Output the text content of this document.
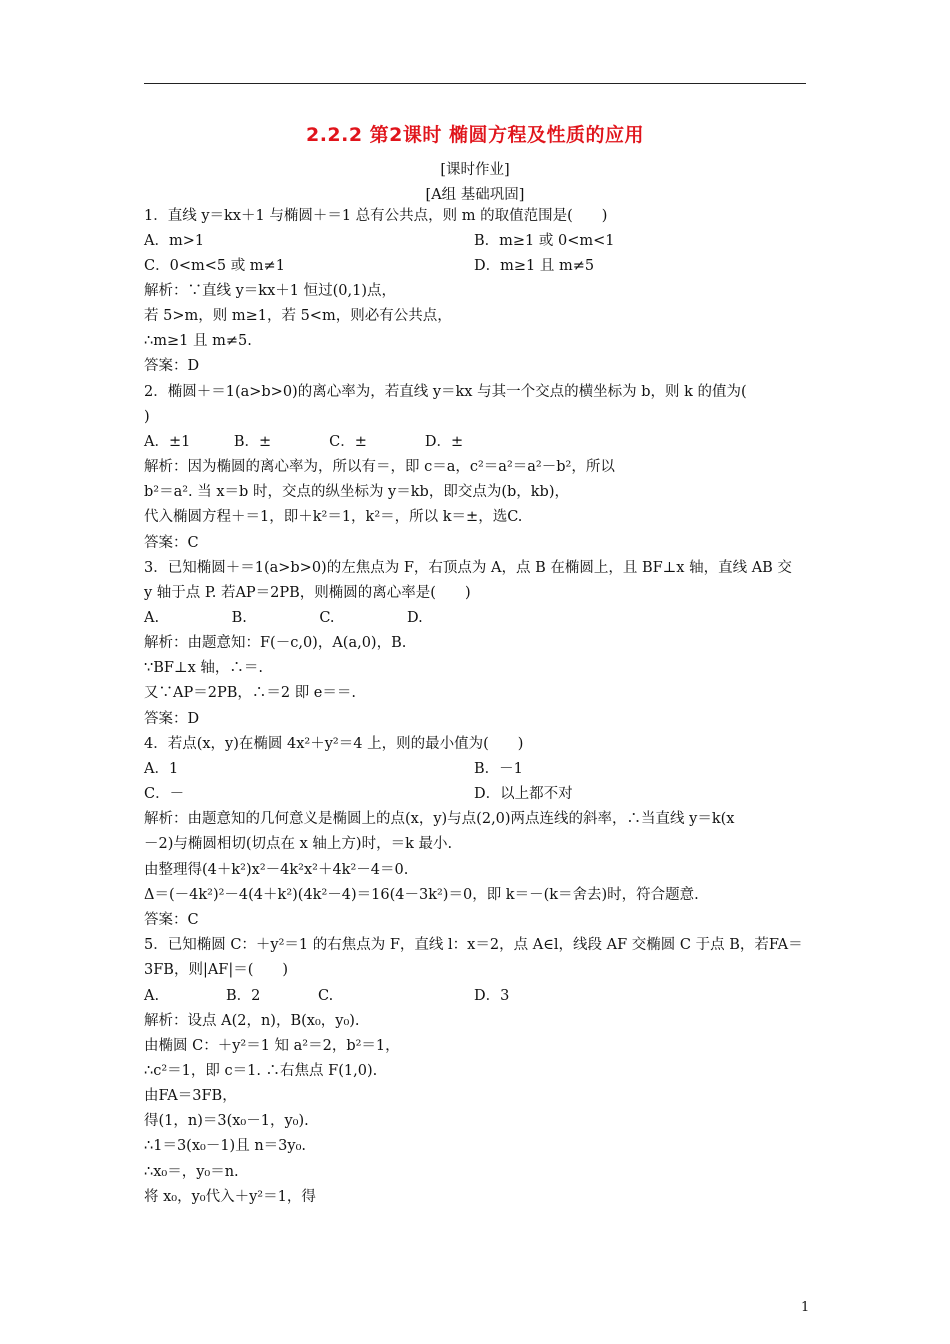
2.2.2 第2课时 椭圆方程及性质的应用
[课时作业]
[A组 基础巩固]
1．直线 y＝kx＋1 与椭圆＋＝1 总有公共点，则 m 的取值范围是(　　)
A．m>1	B．m≥1 或 0<m<1
C．0<m<5 或 m≠1	D．m≥1 且 m≠5
解析：∵直线 y＝kx＋1 恒过(0,1)点，
若 5>m，则 m≥1，若 5<m，则必有公共点，
∴m≥1 且 m≠5.
答案：D
2．椭圆＋＝1(a>b>0)的离心率为，若直线 y＝kx 与其一个交点的横坐标为 b，则 k 的值为(
)
A．±1　　　B．±　　　　C．±　　　　D．±
解析：因为椭圆的离心率为，所以有＝，即 c＝a，c²＝a²＝a²－b²，所以
b²＝a². 当 x＝b 时，交点的纵坐标为 y＝kb，即交点为(b，kb)，
代入椭圆方程＋＝1，即＋k²＝1，k²＝，所以 k＝±，选C.
答案：C
3．已知椭圆＋＝1(a>b>0)的左焦点为 F，右顶点为 A，点 B 在椭圆上，且 BF⊥x 轴，直线 AB 交
y 轴于点 P. 若AP＝2PB，则椭圆的离心率是(　　)
A.　　　　　B.　　　　　C.　　　　　D.
解析：由题意知：F(－c,0)，A(a,0)，B.
∵BF⊥x 轴，∴＝.
又∵AP＝2PB，∴＝2 即 e＝＝.
答案：D
4．若点(x，y)在椭圆 4x²＋y²＝4 上，则的最小值为(　　)
A．1	B．－1
C．－	D．以上都不对
解析：由题意知的几何意义是椭圆上的点(x，y)与点(2,0)两点连线的斜率，∴当直线 y＝k(x
－2)与椭圆相切(切点在 x 轴上方)时，＝k 最小.
由整理得(4＋k²)x²－4k²x²＋4k²－4＝0.
Δ＝(－4k²)²－4(4＋k²)(4k²－4)＝16(4－3k²)＝0，即 k＝－(k＝舍去)时，符合题意.
答案：C
5．已知椭圆 C：＋y²＝1 的右焦点为 F，直线 l：x＝2，点 A∈l，线段 AF 交椭圆 C 于点 B，若FA＝
3FB，则|AF|＝(　　)
A.	B．2	C.	D．3
解析：设点 A(2，n)，B(x₀，y₀).
由椭圆 C：＋y²＝1 知 a²＝2，b²＝1，
∴c²＝1，即 c＝1. ∴右焦点 F(1,0).
由FA＝3FB，
得(1，n)＝3(x₀－1，y₀).
∴1＝3(x₀－1)且 n＝3y₀.
∴x₀＝，y₀＝n.
将 x₀，y₀代入＋y²＝1，得
1
